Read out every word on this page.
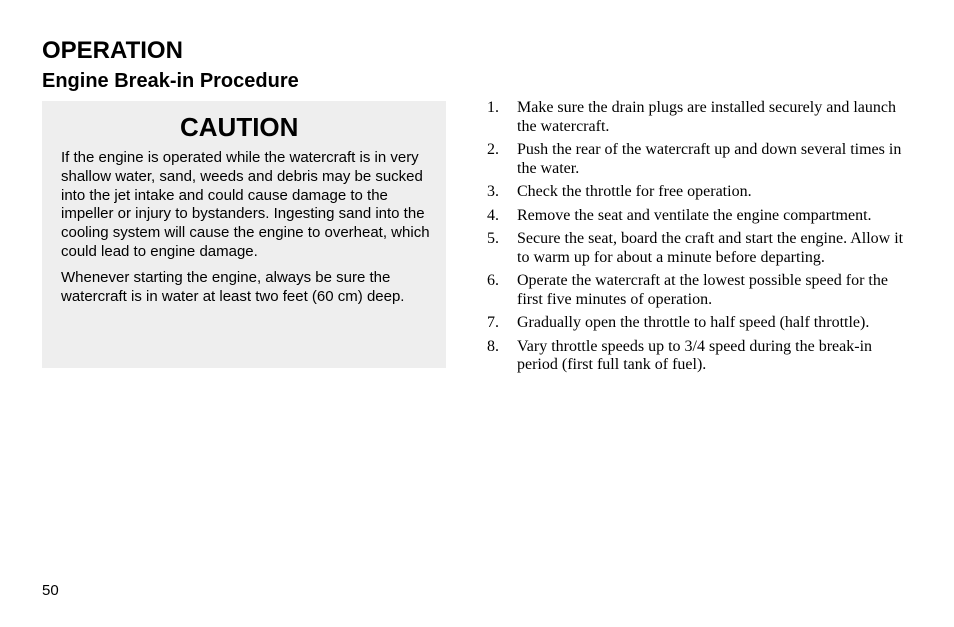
OPERATION
Engine Break-in Procedure
CAUTION

If the engine is operated while the watercraft is in very shallow water, sand, weeds and debris may be sucked into the jet intake and could cause damage to the impeller or injury to bystanders. Ingesting sand into the cooling system will cause the engine to overheat, which could lead to engine damage.

Whenever starting the engine, always be sure the watercraft is in water at least two feet (60 cm) deep.

1.	Make sure the drain plugs are installed securely and launch the watercraft.
2.	Push the rear of the watercraft up and down several times in the water.
3.	Check the throttle for free operation.
4.	Remove the seat and ventilate the engine compartment.
5.	Secure the seat, board the craft and start the engine. Allow it to warm up for about a minute before departing.
6.	Operate the watercraft at the lowest possible speed for the first five minutes of operation.
7.	Gradually open the throttle to half speed (half throttle).
8.	Vary throttle speeds up to 3/4 speed during the break-in period (first full tank of fuel).
50
